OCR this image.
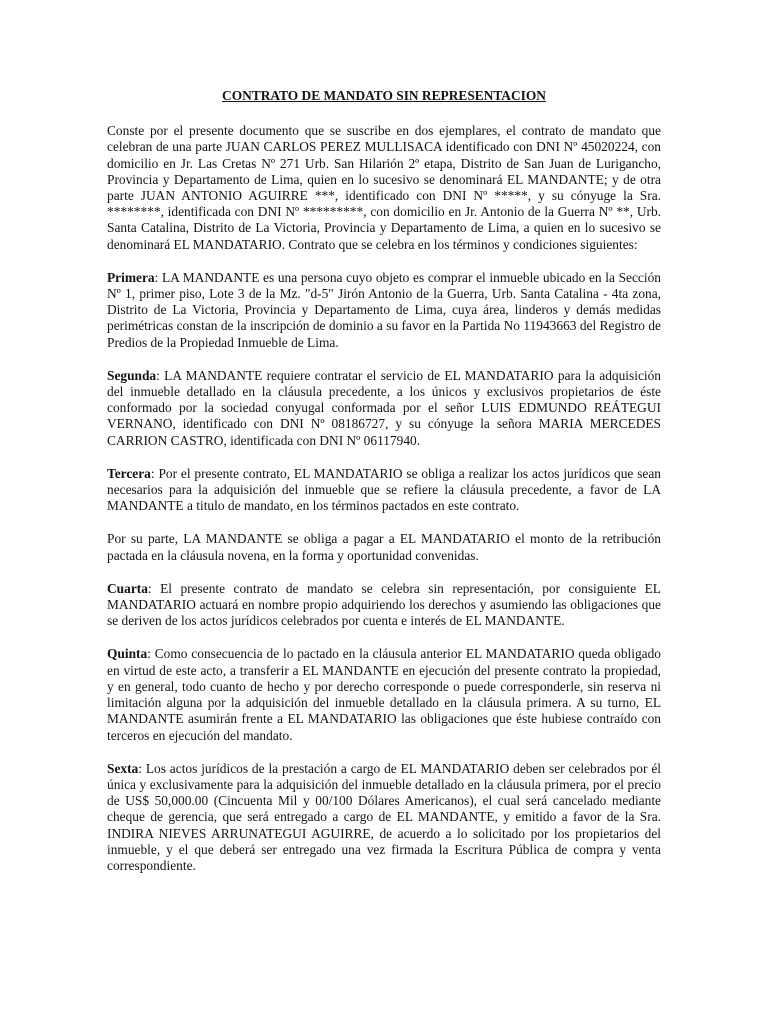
CONTRATO DE MANDATO SIN REPRESENTACION

Conste por el presente documento que se suscribe en dos ejemplares, el contrato de mandato que celebran de una parte JUAN CARLOS PEREZ MULLISACA identificado con DNI Nº 45020224, con domicilio en Jr. Las Cretas Nº 271 Urb. San Hilarión 2º etapa, Distrito de San Juan de Lurigancho, Provincia y Departamento de Lima, quien en lo sucesivo se denominará EL MANDANTE; y de otra parte JUAN ANTONIO AGUIRRE ***, identificado con DNI Nº *****, y su cónyuge la Sra. ********, identificada con DNI Nº *********, con domicilio en Jr. Antonio de la Guerra Nº **, Urb. Santa Catalina, Distrito de La Victoria, Provincia y Departamento de Lima, a quien en lo sucesivo se denominará EL MANDATARIO. Contrato que se celebra en los términos y condiciones siguientes:

Primera: LA MANDANTE es una persona cuyo objeto es comprar el inmueble ubicado en la Sección Nº 1, primer piso, Lote 3 de la Mz. "d-5" Jirón Antonio de la Guerra, Urb. Santa Catalina - 4ta zona, Distrito de La Victoria, Provincia y Departamento de Lima, cuya área, linderos y demás medidas perimétricas constan de la inscripción de dominio a su favor en la Partida No 11943663 del Registro de Predios de la Propiedad Inmueble de Lima.

Segunda: LA MANDANTE requiere contratar el servicio de EL MANDATARIO para la adquisición del inmueble detallado en la cláusula precedente, a los únicos y exclusivos propietarios de éste conformado por la sociedad conyugal conformada por el señor LUIS EDMUNDO REÁTEGUI VERNANO, identificado con DNI Nº 08186727, y su cónyuge la señora MARIA MERCEDES CARRION CASTRO, identificada con DNI Nº 06117940.

Tercera: Por el presente contrato, EL MANDATARIO se obliga a realizar los actos jurídicos que sean necesarios para la adquisición del inmueble que se refiere la cláusula precedente, a favor de LA MANDANTE a titulo de mandato, en los términos pactados en este contrato.

Por su parte, LA MANDANTE se obliga a pagar a EL MANDATARIO el monto de la retribución pactada en la cláusula novena, en la forma y oportunidad convenidas.

Cuarta: El presente contrato de mandato se celebra sin representación, por consiguiente EL MANDATARIO actuará en nombre propio adquiriendo los derechos y asumiendo las obligaciones que se deriven de los actos jurídicos celebrados por cuenta e interés de EL MANDANTE.

Quinta: Como consecuencia de lo pactado en la cláusula anterior EL MANDATARIO queda obligado en virtud de este acto, a transferir a EL MANDANTE en ejecución del presente contrato la propiedad, y en general, todo cuanto de hecho y por derecho corresponde o puede corresponderle, sin reserva ni limitación alguna por la adquisición del inmueble detallado en la cláusula primera. A su turno, EL MANDANTE asumirán frente a EL MANDATARIO las obligaciones que éste hubiese contraído con terceros en ejecución del mandato.

Sexta: Los actos jurídicos de la prestación a cargo de EL MANDATARIO deben ser celebrados por él única y exclusivamente para la adquisición del inmueble detallado en la cláusula primera, por el precio de US$ 50,000.00 (Cincuenta Mil y 00/100 Dólares Americanos), el cual será cancelado mediante cheque de gerencia, que será entregado a cargo de EL MANDANTE, y emitido a favor de la Sra. INDIRA NIEVES ARRUNATEGUI AGUIRRE, de acuerdo a lo solicitado por los propietarios del inmueble, y el que deberá ser entregado una vez firmada la Escritura Pública de compra y venta correspondiente.
